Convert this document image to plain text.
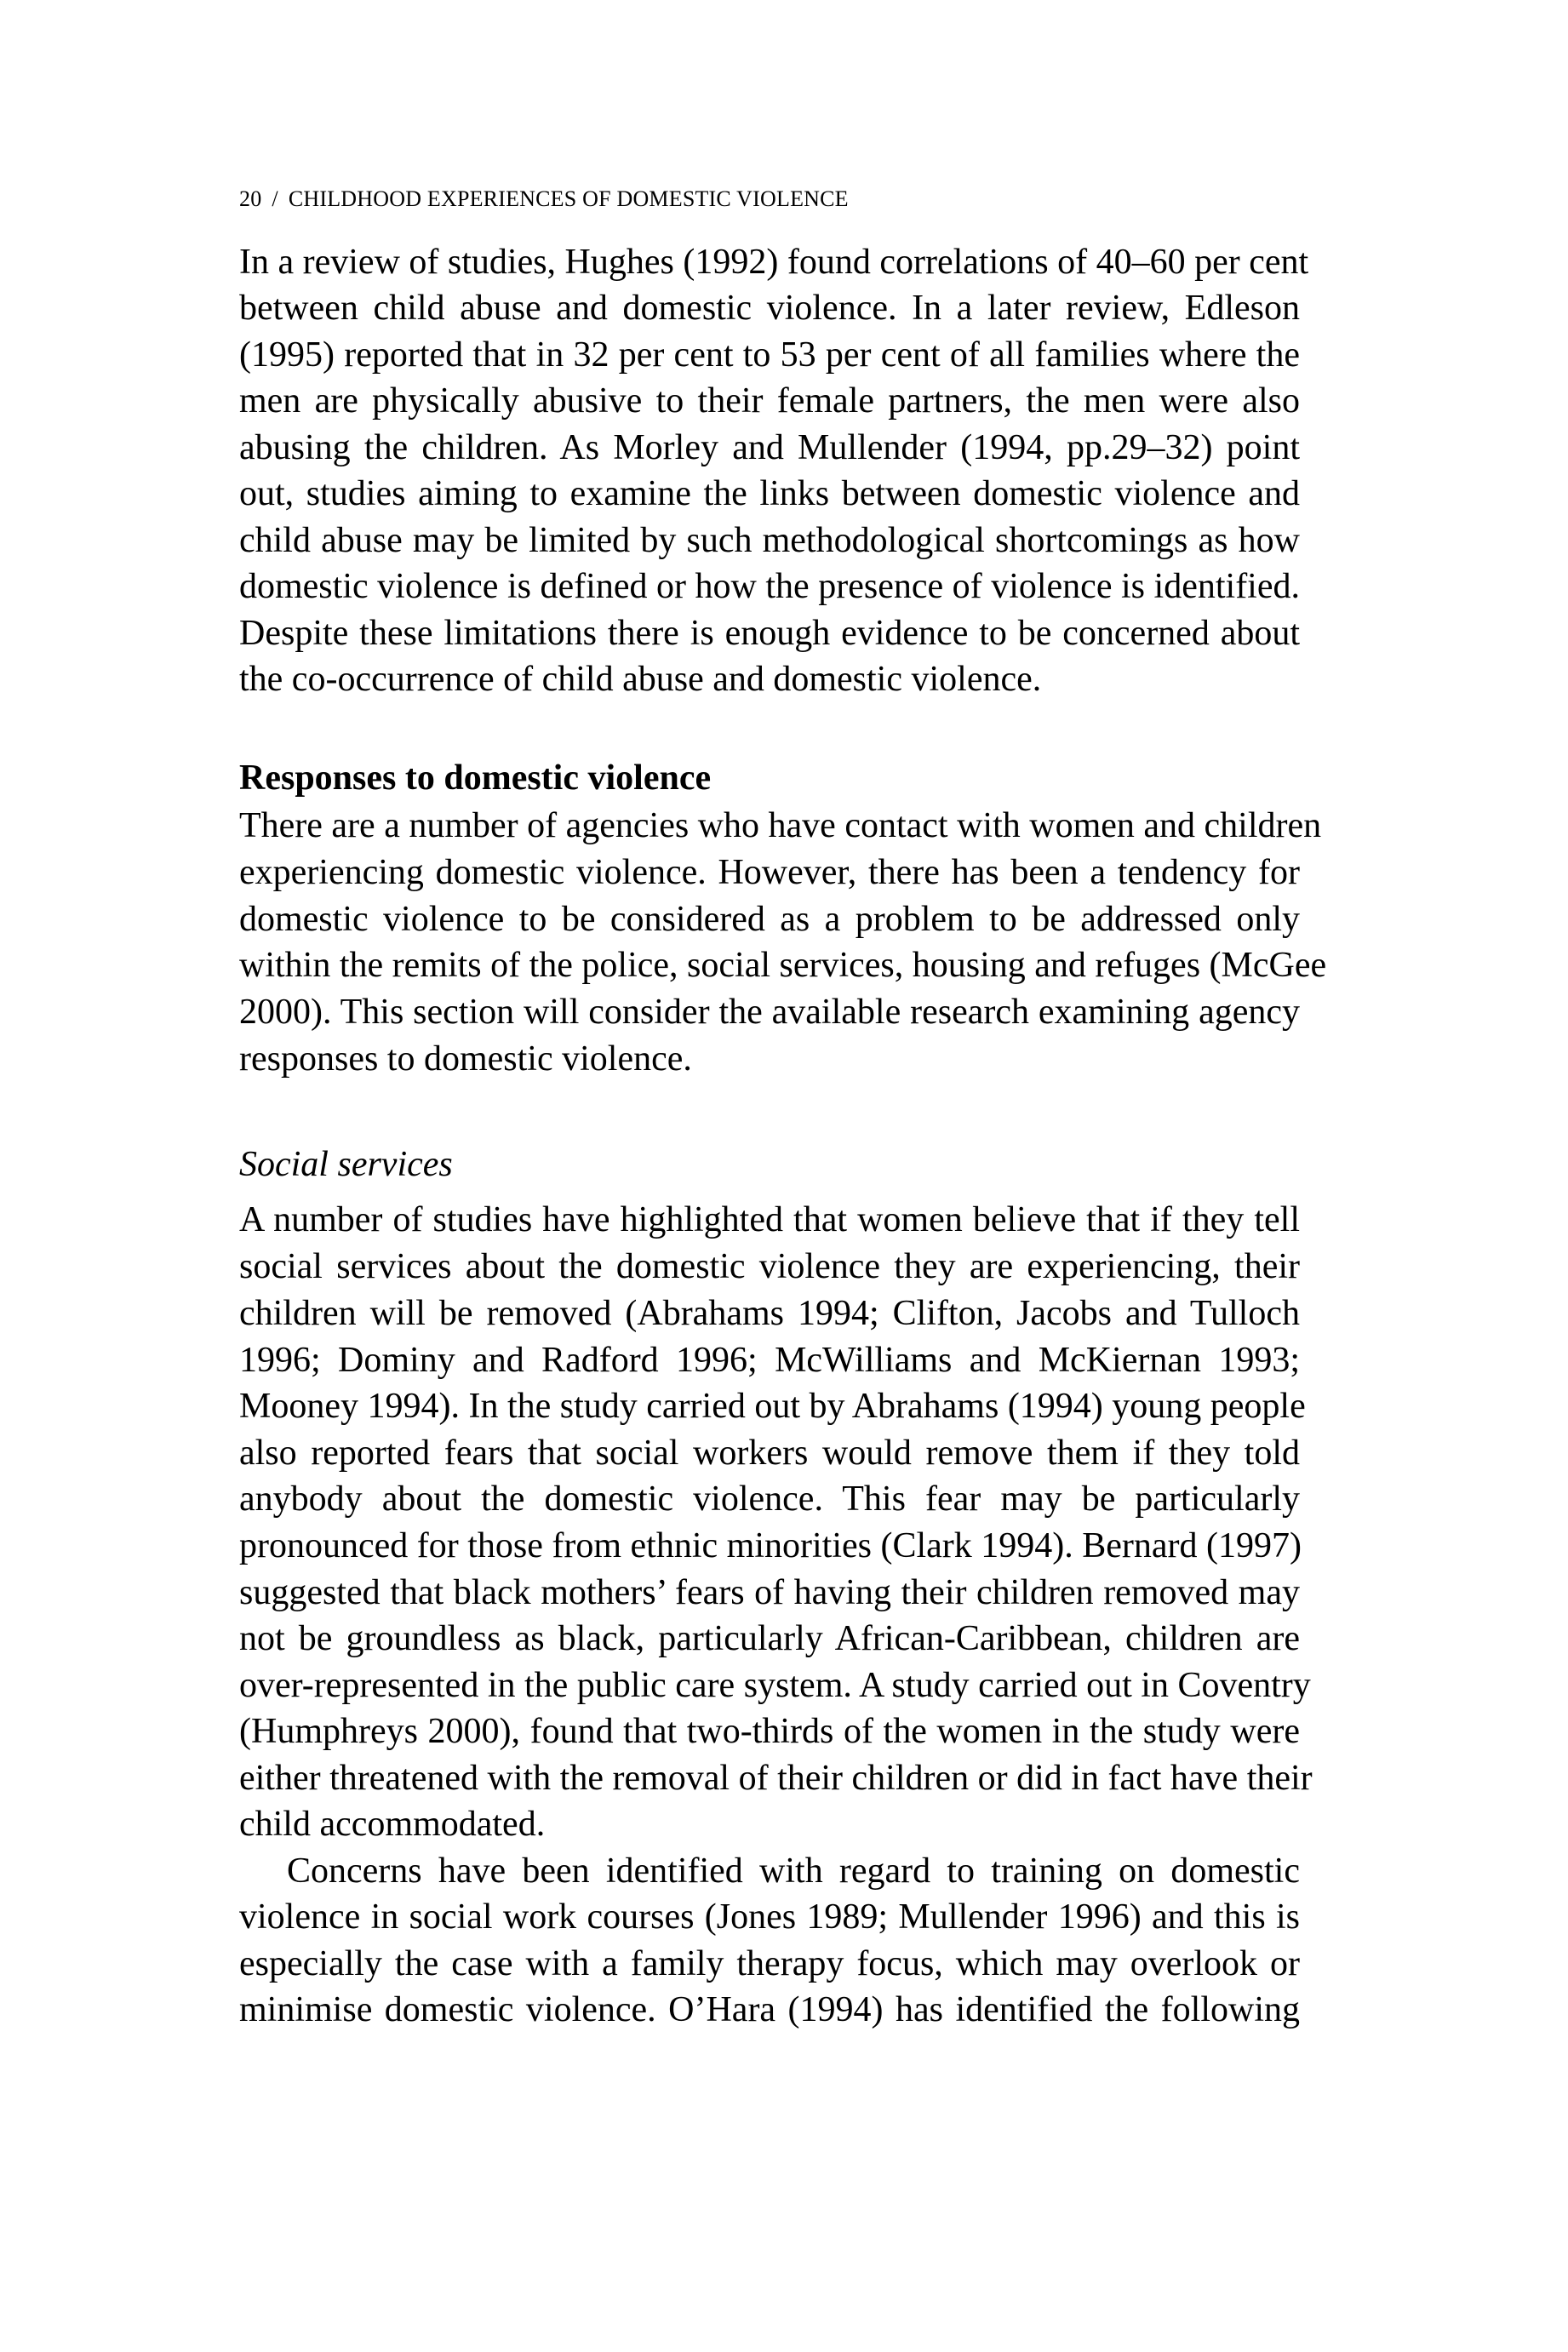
20 / CHILDHOOD EXPERIENCES OF DOMESTIC VIOLENCE
In a review of studies, Hughes (1992) found correlations of 40–60 per cent
between child abuse and domestic violence. In a later review, Edleson
(1995) reported that in 32 per cent to 53 per cent of all families where the
men are physically abusive to their female partners, the men were also
abusing the children. As Morley and Mullender (1994, pp.29–32) point
out, studies aiming to examine the links between domestic violence and
child abuse may be limited by such methodological shortcomings as how
domestic violence is defined or how the presence of violence is identified.
Despite these limitations there is enough evidence to be concerned about
the co-occurrence of child abuse and domestic violence.
Responses to domestic violence
There are a number of agencies who have contact with women and children
experiencing domestic violence. However, there has been a tendency for
domestic violence to be considered as a problem to be addressed only
within the remits of the police, social services, housing and refuges (McGee
2000). This section will consider the available research examining agency
responses to domestic violence.
Social services
A number of studies have highlighted that women believe that if they tell
social services about the domestic violence they are experiencing, their
children will be removed (Abrahams 1994; Clifton, Jacobs and Tulloch
1996; Dominy and Radford 1996; McWilliams and McKiernan 1993;
Mooney 1994). In the study carried out by Abrahams (1994) young people
also reported fears that social workers would remove them if they told
anybody about the domestic violence. This fear may be particularly
pronounced for those from ethnic minorities (Clark 1994). Bernard (1997)
suggested that black mothers’ fears of having their children removed may
not be groundless as black, particularly African-Caribbean, children are
over-represented in the public care system. A study carried out in Coventry
(Humphreys 2000), found that two-thirds of the women in the study were
either threatened with the removal of their children or did in fact have their
child accommodated.
Concerns have been identified with regard to training on domestic
violence in social work courses (Jones 1989; Mullender 1996) and this is
especially the case with a family therapy focus, which may overlook or
minimise domestic violence. O’Hara (1994) has identified the following
